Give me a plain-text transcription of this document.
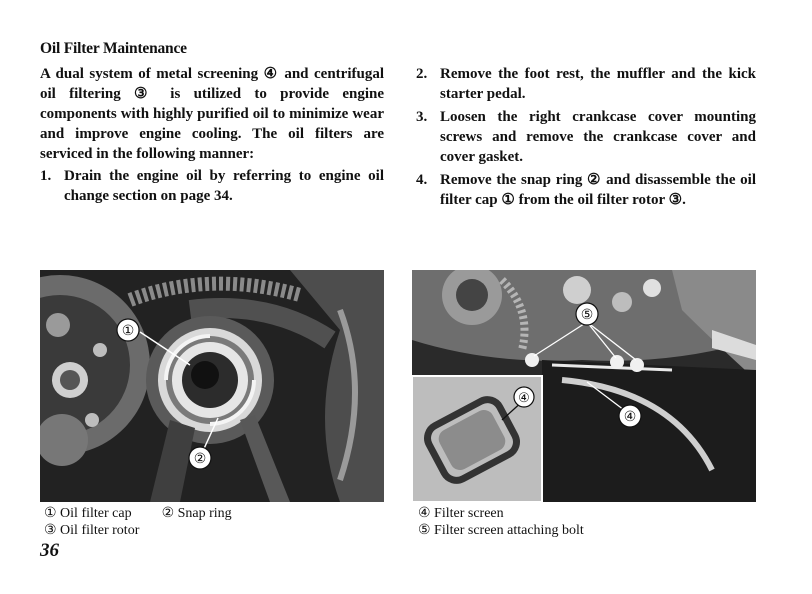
Oil Filter Maintenance

A dual system of metal screening ④ and centrifugal oil filtering ③ is utilized to provide engine components with highly purified oil to minimize wear and improve engine cooling. The oil filters are serviced in the following manner:

1. Drain the engine oil by referring to engine oil change section on page 34.
2. Remove the foot rest, the muffler and the kick starter pedal.
3. Loosen the right crankcase cover mounting screws and remove the crankcase cover and cover gasket.
4. Remove the snap ring ② and disassemble the oil filter cap ① from the oil filter rotor ③.
①
②
⑤
④
④
① Oil filter cap ② Snap ring
③ Oil filter rotor
④ Filter screen
⑤ Filter screen attaching bolt
36
